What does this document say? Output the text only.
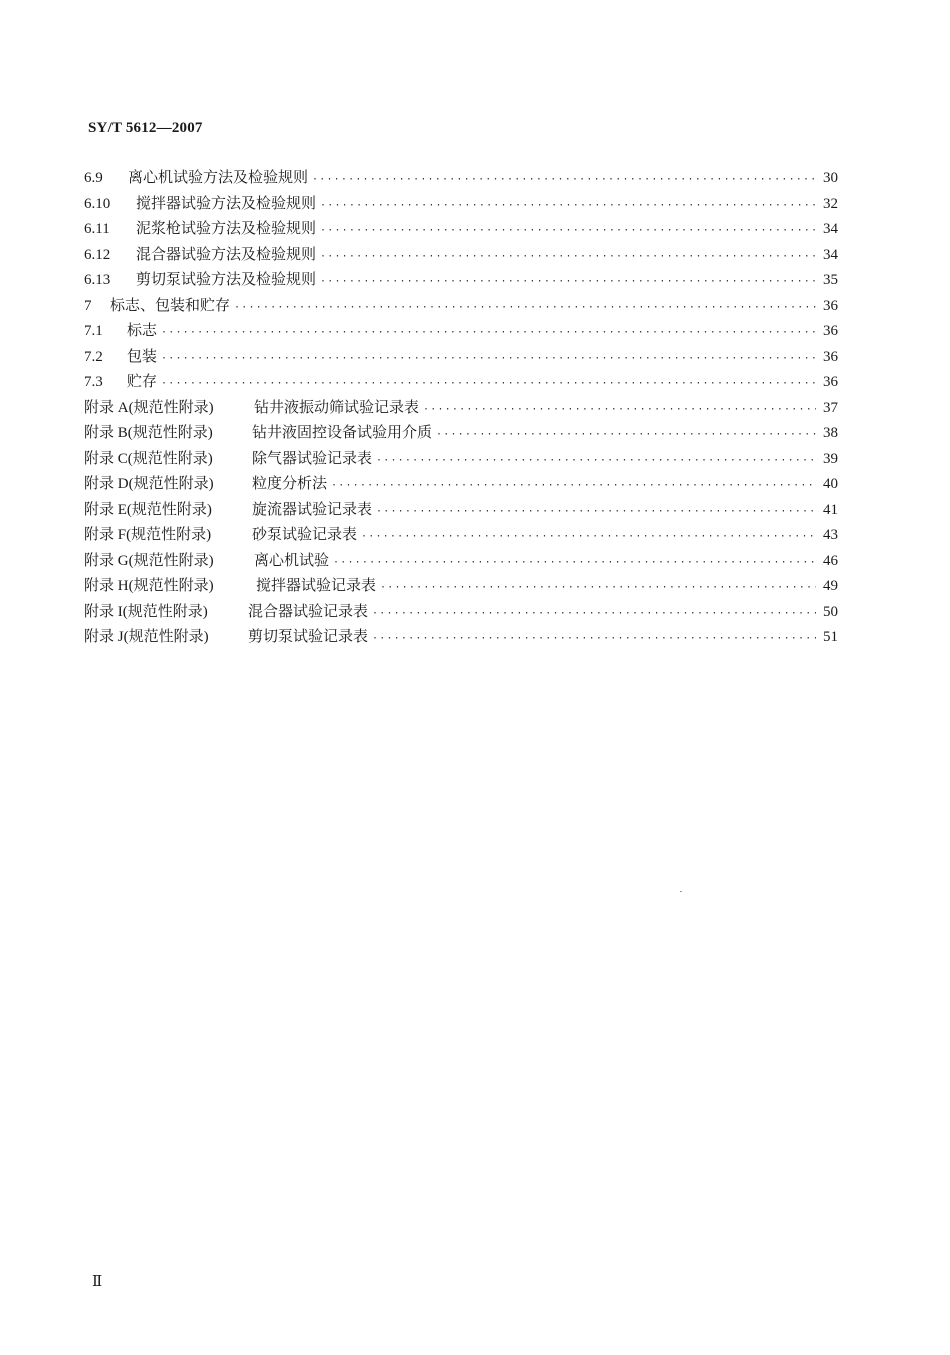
SY/T 5612—2007
6.9	离心机试验方法及检验规则 ·····	30
6.10	搅拌器试验方法及检验规则 ·····	32
6.11	泥浆枪试验方法及检验规则 ·····	34
6.12	混合器试验方法及检验规则 ·····	34
6.13	剪切泵试验方法及检验规则 ·····	35
7	标志、包装和贮存 ·····	36
7.1	标志 ·····	36
7.2	包装 ·····	36
7.3	贮存 ·····	36
附录 A(规范性附录)	钻井液振动筛试验记录表 ·····	37
附录 B(规范性附录)	钻井液固控设备试验用介质 ·····	38
附录 C(规范性附录)	除气器试验记录表 ·····	39
附录 D(规范性附录)	粒度分析法 ·····	40
附录 E(规范性附录)	旋流器试验记录表 ·····	41
附录 F(规范性附录)	砂泵试验记录表 ·····	43
附录 G(规范性附录)	离心机试验 ·····	46
附录 H(规范性附录)	搅拌器试验记录表 ·····	49
附录 I(规范性附录)	混合器试验记录表 ·····	50
附录 J(规范性附录)	剪切泵试验记录表 ·····	51
Ⅱ
